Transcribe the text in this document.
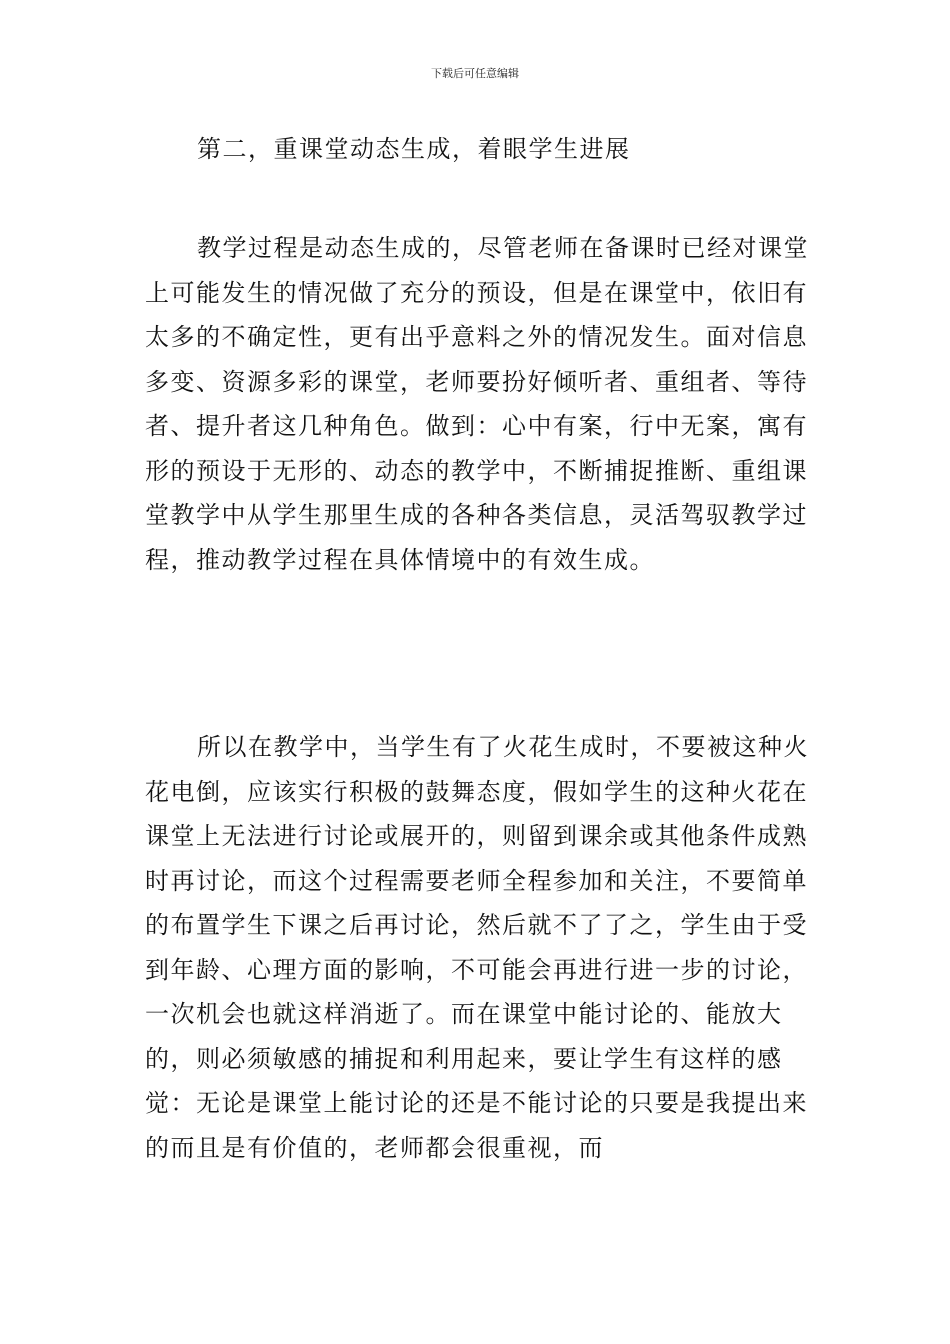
下载后可任意编辑

第二，重课堂动态生成，着眼学生进展

教学过程是动态生成的，尽管老师在备课时已经对课堂上可能发生的情况做了充分的预设，但是在课堂中，依旧有太多的不确定性，更有出乎意料之外的情况发生。面对信息多变、资源多彩的课堂，老师要扮好倾听者、重组者、等待者、提升者这几种角色。做到：心中有案，行中无案，寓有形的预设于无形的、动态的教学中，不断捕捉推断、重组课堂教学中从学生那里生成的各种各类信息，灵活驾驭教学过程，推动教学过程在具体情境中的有效生成。

所以在教学中，当学生有了火花生成时，不要被这种火花电倒，应该实行积极的鼓舞态度，假如学生的这种火花在课堂上无法进行讨论或展开的，则留到课余或其他条件成熟时再讨论，而这个过程需要老师全程参加和关注，不要简单的布置学生下课之后再讨论，然后就不了了之，学生由于受到年龄、心理方面的影响，不可能会再进行进一步的讨论，一次机会也就这样消逝了。而在课堂中能讨论的、能放大的，则必须敏感的捕捉和利用起来，要让学生有这样的感觉：无论是课堂上能讨论的还是不能讨论的只要是我提出来的而且是有价值的，老师都会很重视，而
